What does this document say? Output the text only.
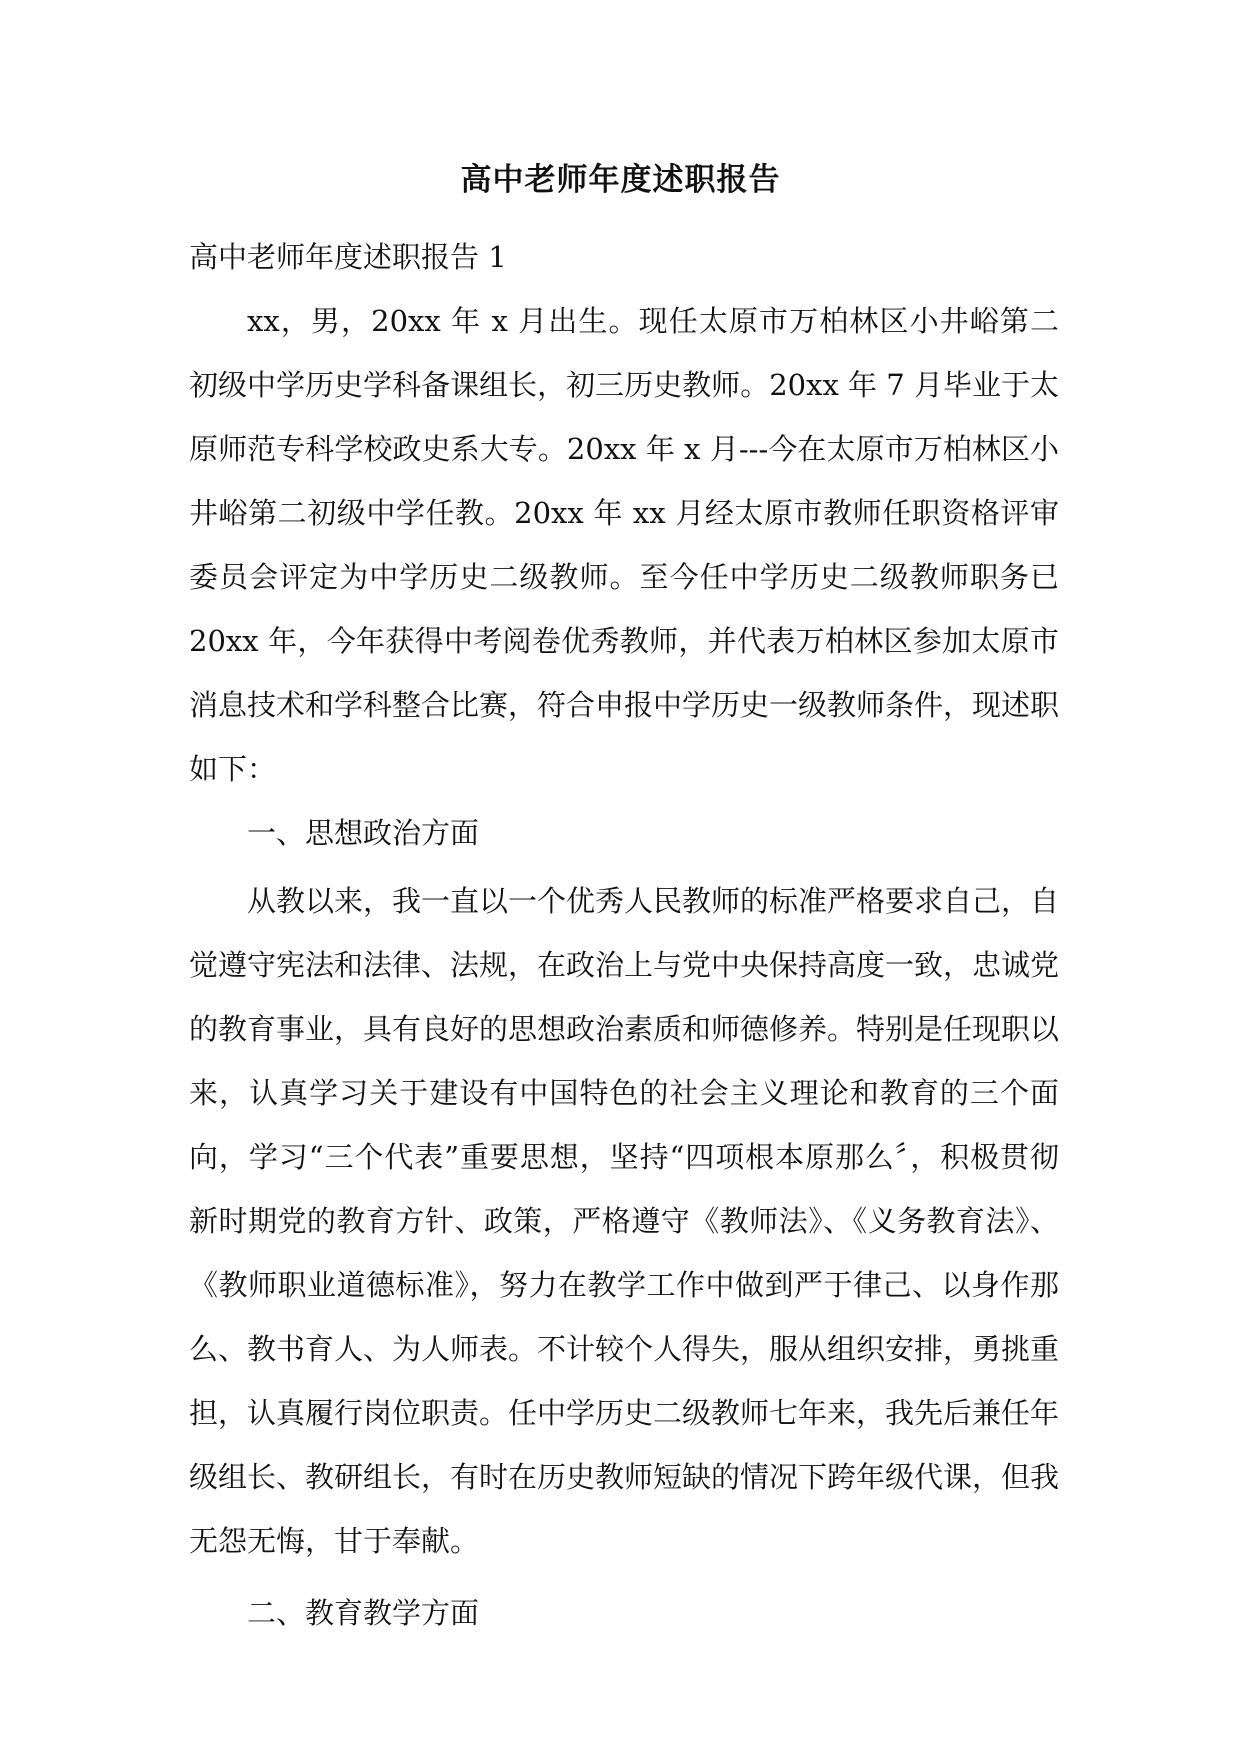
高中老师年度述职报告

高中老师年度述职报告 1

xx，男，20xx 年 x 月出生。现任太原市万柏林区小井峪第二初级中学历史学科备课组长，初三历史教师。20xx 年 7 月毕业于太原师范专科学校政史系大专。20xx 年 x 月---今在太原市万柏林区小井峪第二初级中学任教。20xx 年 xx 月经太原市教师任职资格评审委员会评定为中学历史二级教师。至今任中学历史二级教师职务已 20xx 年，今年获得中考阅卷优秀教师，并代表万柏林区参加太原市消息技术和学科整合比赛，符合申报中学历史一级教师条件，现述职如下：

一、思想政治方面

从教以来，我一直以一个优秀人民教师的标准严格要求自己，自觉遵守宪法和法律、法规，在政治上与党中央保持高度一致，忠诚党的教育事业，具有良好的思想政治素质和师德修养。特别是任现职以来，认真学习关于建设有中国特色的社会主义理论和教育的三个面向，学习“三个代表”重要思想，坚持“四项根本原那么〞，积极贯彻新时期党的教育方针、政策，严格遵守《教师法》、《义务教育法》、《教师职业道德标准》，努力在教学工作中做到严于律己、以身作那么、教书育人、为人师表。不计较个人得失，服从组织安排，勇挑重担，认真履行岗位职责。任中学历史二级教师七年来，我先后兼任年级组长、教研组长，有时在历史教师短缺的情况下跨年级代课，但我无怨无悔，甘于奉献。

二、教育教学方面
